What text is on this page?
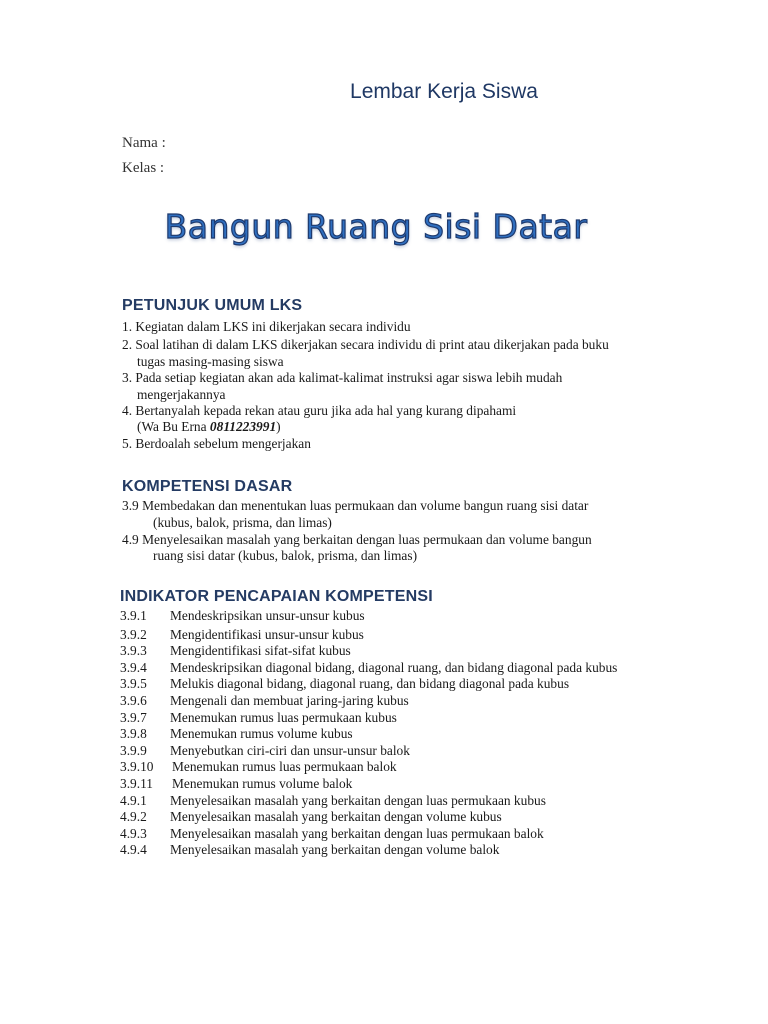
Lembar Kerja Siswa
Nama :
Kelas :
Bangun Ruang Sisi Datar
PETUNJUK UMUM LKS
1. Kegiatan dalam LKS ini dikerjakan secara individu
2. Soal latihan di dalam LKS dikerjakan secara individu di print atau dikerjakan pada buku
tugas masing-masing siswa
3. Pada setiap kegiatan akan ada kalimat-kalimat instruksi agar siswa lebih mudah
mengerjakannya
4. Bertanyalah kepada rekan atau guru jika ada hal yang kurang dipahami
(Wa Bu Erna 0811223991)
5. Berdoalah sebelum mengerjakan
KOMPETENSI DASAR
3.9 Membedakan dan menentukan luas permukaan dan volume bangun ruang sisi datar
(kubus, balok, prisma, dan limas)
4.9 Menyelesaikan masalah yang berkaitan dengan luas permukaan dan volume bangun
ruang sisi datar (kubus, balok, prisma, dan limas)
INDIKATOR PENCAPAIAN KOMPETENSI
3.9.1	Mendeskripsikan unsur-unsur kubus
3.9.2	Mengidentifikasi unsur-unsur kubus
3.9.3	Mengidentifikasi sifat-sifat kubus
3.9.4	Mendeskripsikan diagonal bidang, diagonal ruang, dan bidang diagonal pada kubus
3.9.5	Melukis diagonal bidang, diagonal ruang, dan bidang diagonal pada kubus
3.9.6	Mengenali dan membuat jaring-jaring kubus
3.9.7	Menemukan rumus luas permukaan kubus
3.9.8	Menemukan rumus volume kubus
3.9.9	Menyebutkan ciri-ciri dan unsur-unsur balok
3.9.10	Menemukan rumus luas permukaan balok
3.9.11	Menemukan rumus volume balok
4.9.1	Menyelesaikan masalah yang berkaitan dengan luas permukaan kubus
4.9.2	Menyelesaikan masalah yang berkaitan dengan volume kubus
4.9.3	Menyelesaikan masalah yang berkaitan dengan luas permukaan balok
4.9.4	Menyelesaikan masalah yang berkaitan dengan volume balok
